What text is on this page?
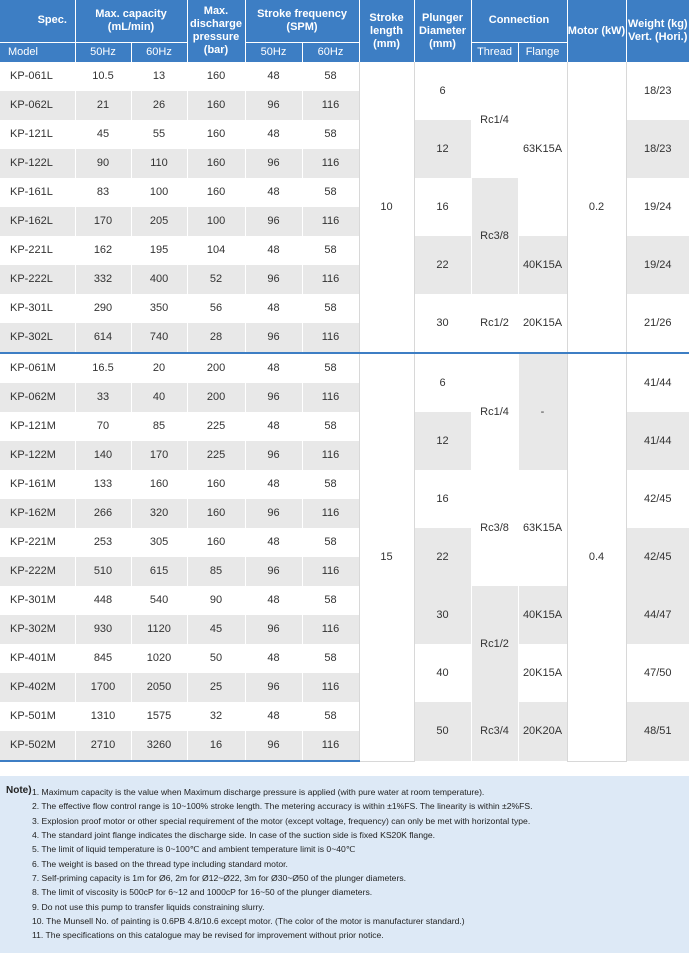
Spec.	Max. capacity (mL/min)		Max. discharge pressure (bar)	Stroke frequency (SPM)		Stroke length (mm)	Plunger Diameter (mm)	Connection		Motor (kW)	Weight (kg) Vert. (Hori.)
Model	50Hz	60Hz		50Hz	60Hz			Thread	Flange		
KP-061L	10.5	13	160	48	58	10	6	Rc1/4	63K15A	0.2	18/23
KP-062L	21	26	160	96	116						
KP-121L	45	55	160	48	58		12				18/23
KP-122L	90	110	160	96	116						
KP-161L	83	100	160	48	58		16	Rc3/8			19/24
KP-162L	170	205	100	96	116						
KP-221L	162	195	104	48	58		22		40K15A		19/24
KP-222L	332	400	52	96	116						
KP-301L	290	350	56	48	58		30	Rc1/2	20K15A		21/26
KP-302L	614	740	28	96	116						
KP-061M	16.5	20	200	48	58	15	6	Rc1/4	-	0.4	41/44
KP-062M	33	40	200	96	116						
KP-121M	70	85	225	48	58		12				41/44
KP-122M	140	170	225	96	116						
KP-161M	133	160	160	48	58		16	Rc3/8	63K15A		42/45
KP-162M	266	320	160	96	116						
KP-221M	253	305	160	48	58		22				42/45
KP-222M	510	615	85	96	116						
KP-301M	448	540	90	48	58		30	Rc1/2	40K15A		44/47
KP-302M	930	1120	45	96	116						
KP-401M	845	1020	50	48	58		40		20K15A		47/50
KP-402M	1700	2050	25	96	116						
KP-501M	1310	1575	32	48	58		50	Rc3/4	20K20A		48/51
KP-502M	2710	3260	16	96	116						
Note) 1. Maximum capacity is the value when Maximum discharge pressure is applied (with pure water at room temperature).
2. The effective flow control range is 10~100% stroke length. The metering accuracy is within ±1%FS. The linearity is within ±2%FS.
3. Explosion proof motor or other special requirement of the motor (except voltage, frequency) can only be met with horizontal type.
4. The standard joint flange indicates the discharge side. In case of the suction side is fixed KS20K flange.
5. The limit of liquid temperature is 0~100℃ and ambient temperature limit is 0~40℃
6. The weight is based on the thread type including standard motor.
7. Self-priming capacity is 1m for Ø6, 2m for Ø12~Ø22, 3m for Ø30~Ø50 of the plunger diameters.
8. The limit of viscosity is 500cP for 6~12 and 1000cP for 16~50 of the plunger diameters.
9. Do not use this pump to transfer liquids constraining slurry.
10. The Munsell No. of painting is 0.6PB 4.8/10.6 except motor. (The color of the motor is manufacturer standard.)
11. The specifications on this catalogue may be revised for improvement without prior notice.
